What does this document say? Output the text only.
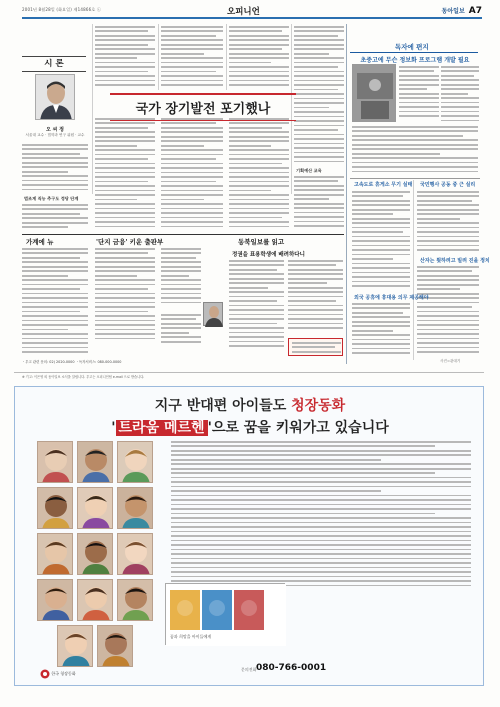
2001년 8월28일 (화요일) 제14866호 ㉡	오피니언	동아일보 A7
시 론
오 씨 정
서울대 교수 · 법학과 연구 위원 · 교수
국가 장기발전 포기했나
법조계 직능 추구도 정당 단계
기획예산 교육
가계에 뉴	'단지 금융' 키운 출판부	동북일보를 읽고
정권을 표용학생에 배려하다니
ㆍ투고 관련 문의: 02) 2020-0000 ㆍ독자서비스: 080-000-0000
독자에 편지
초중고에 무슨 정보화 프로그램 개발 필요
고속도로 휴게소 무기 실태 국민행사 공동 중 근 실리
산자는 뭣하려고 빌려 진을 정치
외국 공휴에 휴대용 의무 제공해야
사진=관대기
※ 기고: 이은영 외 동아일보 소식을 알립니다. 투고는 오피니언팀 e-mail 으로 받습니다.
지구 반대편 아이들도 청장동화
' 트라움 메르헨 '으로 꿈을 키워가고 있습니다
꿈과 희망을 아이들에게
한국 청장동화
문의전화 080-766-0001
